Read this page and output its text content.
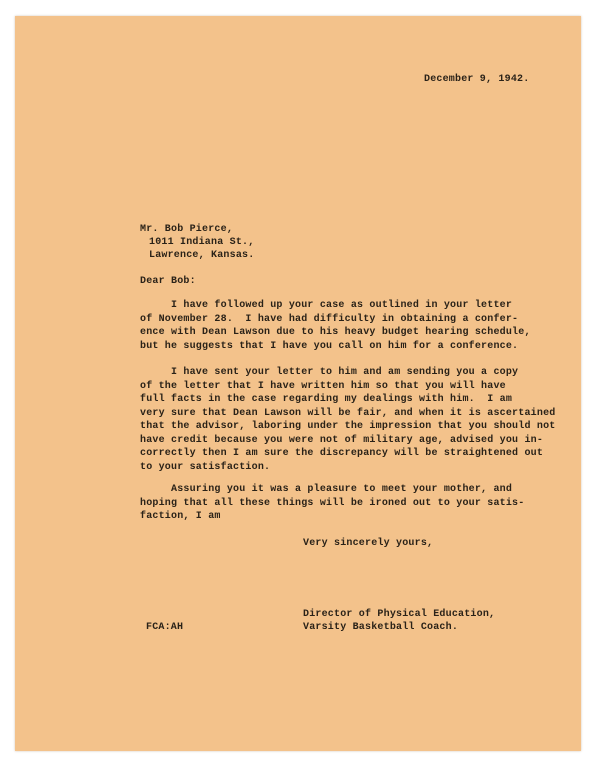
December 9, 1942.

Mr. Bob Pierce,

1011 Indiana St.,

Lawrence, Kansas.

Dear Bob:

I have followed up your case as outlined in your letter
of November 28.  I have had difficulty in obtaining a confer-
ence with Dean Lawson due to his heavy budget hearing schedule,
but he suggests that I have you call on him for a conference.
I have sent your letter to him and am sending you a copy
of the letter that I have written him so that you will have
full facts in the case regarding my dealings with him.  I am
very sure that Dean Lawson will be fair, and when it is ascertained
that the advisor, laboring under the impression that you should not
have credit because you were not of military age, advised you in-
correctly then I am sure the discrepancy will be straightened out
to your satisfaction.
Assuring you it was a pleasure to meet your mother, and
hoping that all these things will be ironed out to your satis-
faction, I am

Very sincerely yours,

FCA:AH

Director of Physical Education,

Varsity Basketball Coach.
